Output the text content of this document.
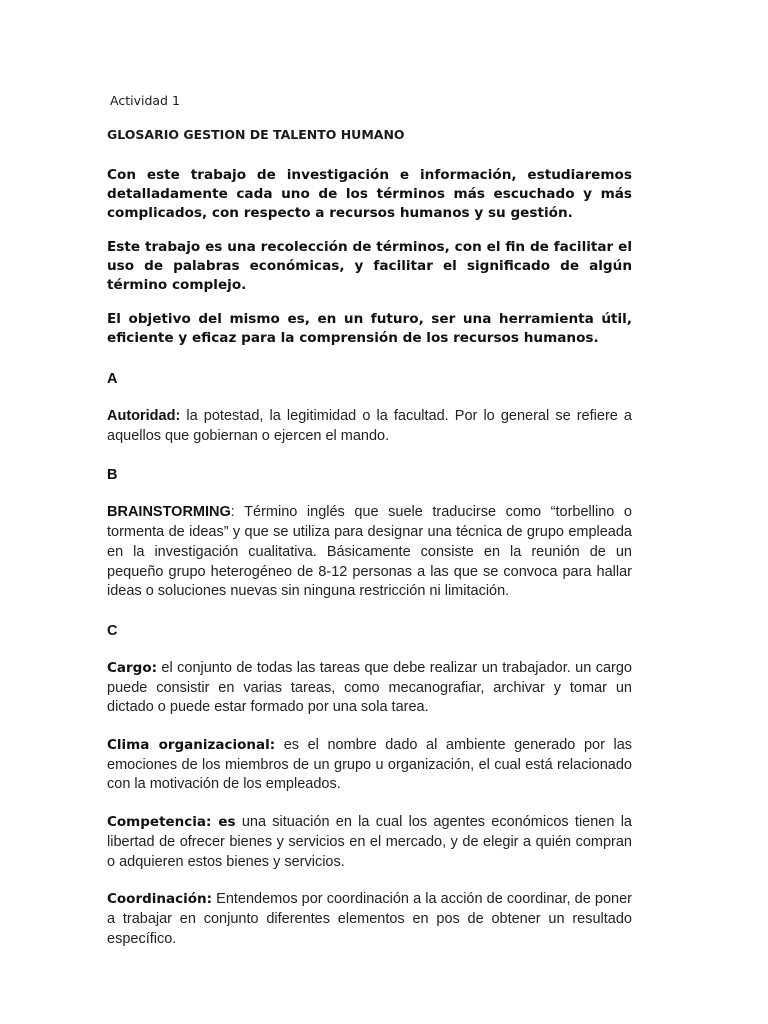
Actividad 1
GLOSARIO GESTION DE TALENTO HUMANO

Con este trabajo de investigación e información, estudiaremos detalladamente cada uno de los términos más escuchado y más complicados, con respecto a recursos humanos y su gestión.

Este trabajo es una recolección de términos, con el fin de facilitar el uso de palabras económicas, y facilitar el significado de algún término complejo.

El objetivo del mismo es, en un futuro, ser una herramienta útil, eficiente y eficaz para la comprensión de los recursos humanos.

A

Autoridad: la potestad, la legitimidad o la facultad. Por lo general se refiere a aquellos que gobiernan o ejercen el mando.

B

BRAINSTORMING: Término inglés que suele traducirse como “torbellino o tormenta de ideas” y que se utiliza para designar una técnica de grupo empleada en la investigación cualitativa. Básicamente consiste en la reunión de un pequeño grupo heterogéneo de 8-12 personas a las que se convoca para hallar ideas o soluciones nuevas sin ninguna restricción ni limitación.

C

Cargo: el conjunto de todas las tareas que debe realizar un trabajador. un cargo puede consistir en varias tareas, como mecanografiar, archivar y tomar un dictado o puede estar formado por una sola tarea.

Clima organizacional: es el nombre dado al ambiente generado por las emociones de los miembros de un grupo u organización, el cual está relacionado con la motivación de los empleados.

Competencia: es una situación en la cual los agentes económicos tienen la libertad de ofrecer bienes y servicios en el mercado, y de elegir a quién compran o adquieren estos bienes y servicios.

Coordinación: Entendemos por coordinación a la acción de coordinar, de poner a trabajar en conjunto diferentes elementos en pos de obtener un resultado específico.
